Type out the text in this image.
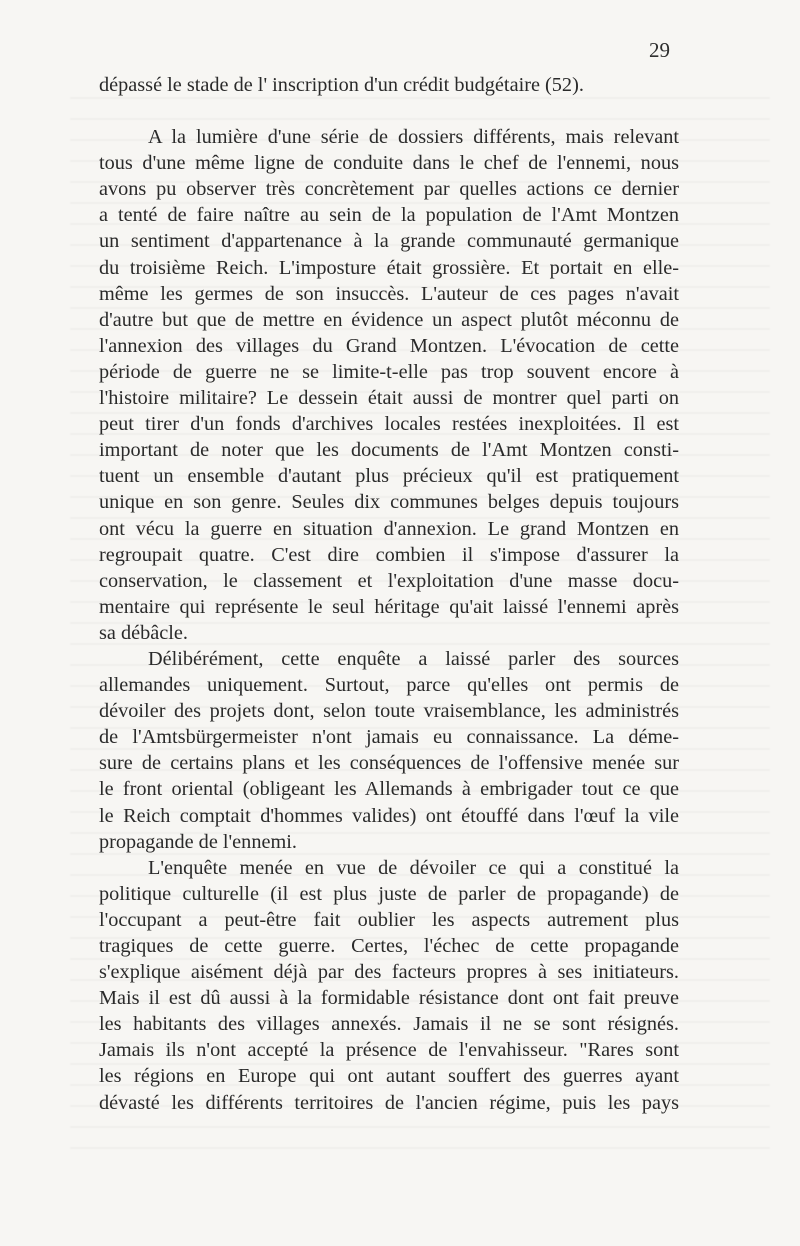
29
dépassé le stade de l' inscription d'un crédit budgétaire (52).
A la lumière d'une série de dossiers différents, mais relevant
tous d'une même ligne de conduite dans le chef de l'ennemi, nous
avons pu observer très concrètement par quelles actions ce dernier
a tenté de faire naître au sein de la population de l'Amt Montzen
un sentiment d'appartenance à la grande communauté germanique
du troisième Reich. L'imposture était grossière. Et portait en elle-
même les germes de son insuccès. L'auteur de ces pages n'avait
d'autre but que de mettre en évidence un aspect plutôt méconnu de
l'annexion des villages du Grand Montzen. L'évocation de cette
période de guerre ne se limite-t-elle pas trop souvent encore à
l'histoire militaire? Le dessein était aussi de montrer quel parti on
peut tirer d'un fonds d'archives locales restées inexploitées. Il est
important de noter que les documents de l'Amt Montzen consti-
tuent un ensemble d'autant plus précieux qu'il est pratiquement
unique en son genre. Seules dix communes belges depuis toujours
ont vécu la guerre en situation d'annexion. Le grand Montzen en
regroupait quatre. C'est dire combien il s'impose d'assurer la
conservation, le classement et l'exploitation d'une masse docu-
mentaire qui représente le seul héritage qu'ait laissé l'ennemi après
sa débâcle.
Délibérément, cette enquête a laissé parler des sources
allemandes uniquement. Surtout, parce qu'elles ont permis de
dévoiler des projets dont, selon toute vraisemblance, les administrés
de l'Amtsbürgermeister n'ont jamais eu connaissance. La déme-
sure de certains plans et les conséquences de l'offensive menée sur
le front oriental (obligeant les Allemands à embrigader tout ce que
le Reich comptait d'hommes valides) ont étouffé dans l'œuf la vile
propagande de l'ennemi.
L'enquête menée en vue de dévoiler ce qui a constitué la
politique culturelle (il est plus juste de parler de propagande) de
l'occupant a peut-être fait oublier les aspects autrement plus
tragiques de cette guerre. Certes, l'échec de cette propagande
s'explique aisément déjà par des facteurs propres à ses initiateurs.
Mais il est dû aussi à la formidable résistance dont ont fait preuve
les habitants des villages annexés. Jamais il ne se sont résignés.
Jamais ils n'ont accepté la présence de l'envahisseur. "Rares sont
les régions en Europe qui ont autant souffert des guerres ayant
dévasté les différents territoires de l'ancien régime, puis les pays
